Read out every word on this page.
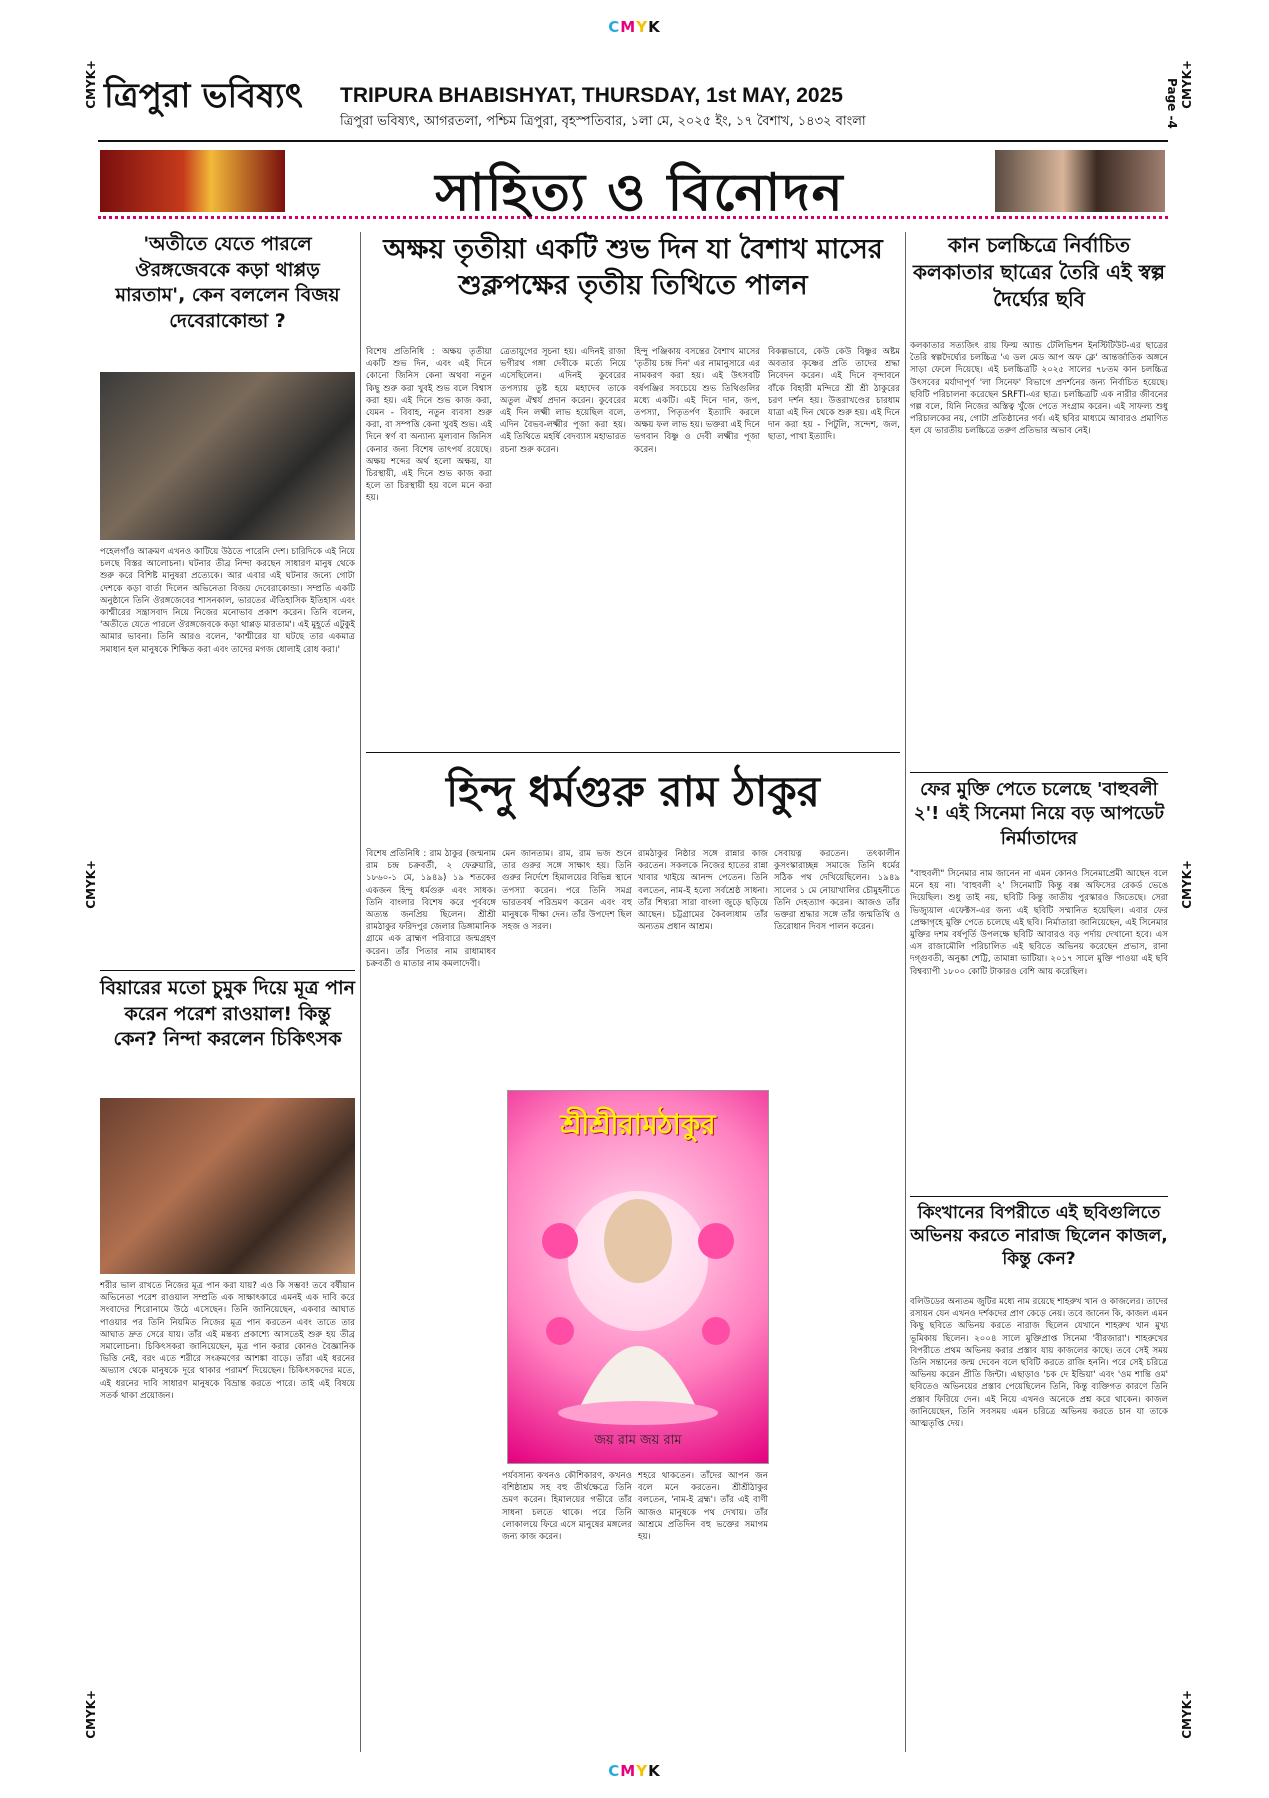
CMYK
CMYK
CMYK+
CMYK+
CMYK+
CMYK+
CMYK+
CMYK+
ত্রিপুরা ভবিষ্যৎ TRIPURA BHABISHYAT, THURSDAY, 1st MAY, 2025
ত্রিপুরা ভবিষ্যৎ, আগরতলা, পশ্চিম ত্রিপুরা, বৃহস্পতিবার, ১লা মে, ২০২৫ ইং, ১৭ বৈশাখ, ১৪৩২ বাংলা	Page -4
সাহিত্য ও বিনোদন
'অতীতে যেতে পারলে ঔরঙ্গজেবকে কড়া থাপ্পড় মারতাম', কেন বললেন বিজয় দেবেরাকোন্ডা ?
পহেলগাঁও আক্রমণ এখনও কাটিয়ে উঠতে পারেনি দেশ। চারিদিকে এই নিয়ে চলছে বিস্তর আলোচনা। ঘটনার তীব্র নিন্দা করছেন সাধারণ মানুষ থেকে শুরু করে বিশিষ্ট মানুষরা প্রত্যেকে। আর এবার এই ঘটনার জন্যে গোটা দেশকে কড়া বার্তা দিলেন অভিনেতা বিজয় দেবেরাকোন্ডা। সম্প্রতি একটি অনুষ্ঠানে তিনি ঔরঙ্গজেবের শাসনকাল, ভারতের ঐতিহাসিক ইতিহাস এবং কাশ্মীরের সন্ত্রাসবাদ নিয়ে নিজের মনোভাব প্রকাশ করেন। তিনি বলেন, 'অতীতে যেতে পারলে ঔরঙ্গজেবকে কড়া থাপ্পড় মারতাম'। এই মুহূর্তে এটুকুই আমার ভাবনা। তিনি আরও বলেন, 'কাশ্মীরের যা ঘটছে তার একমাত্র সমাধান হল মানুষকে শিক্ষিত করা এবং তাদের মগজ ধোলাই রোধ করা।'
বিয়ারের মতো চুমুক দিয়ে মূত্র পান করেন পরেশ রাওয়াল! কিন্তু কেন? নিন্দা করলেন চিকিৎসক
শরীর ভাল রাখতে নিজের মূত্র পান করা যায়? এও কি সম্ভব! তবে বর্ষীয়ান অভিনেতা পরেশ রাওয়াল সম্প্রতি এক সাক্ষাৎকারে এমনই এক দাবি করে সংবাদের শিরোনামে উঠে এসেছেন। তিনি জানিয়েছেন, একবার আঘাত পাওয়ার পর তিনি নিয়মিত নিজের মূত্র পান করতেন এবং তাতে তার আঘাত দ্রুত সেরে যায়। তাঁর এই মন্তব্য প্রকাশ্যে আসতেই শুরু হয় তীব্র সমালোচনা। চিকিৎসকরা জানিয়েছেন, মূত্র পান করার কোনও বৈজ্ঞানিক ভিত্তি নেই, বরং এতে শরীরে সংক্রমণের আশঙ্কা বাড়ে। তাঁরা এই ধরনের অভ্যাস থেকে মানুষকে দূরে থাকার পরামর্শ দিয়েছেন। চিকিৎসকদের মতে, এই ধরনের দাবি সাধারণ মানুষকে বিভ্রান্ত করতে পারে। তাই এই বিষয়ে সতর্ক থাকা প্রয়োজন।
অক্ষয় তৃতীয়া একটি শুভ দিন যা বৈশাখ মাসের শুক্লপক্ষের তৃতীয় তিথিতে পালন
বিশেষ প্রতিনিধি : অক্ষয় তৃতীয়া একটি শুভ দিন, এবং এই দিনে কোনো জিনিস কেনা অথবা নতুন কিছু শুরু করা খুবই শুভ বলে বিশ্বাস করা হয়। এই দিনে শুভ কাজ করা, যেমন - বিবাহ, নতুন ব্যবসা শুরু করা, বা সম্পত্তি কেনা খুবই শুভ। এই দিনে স্বর্ণ বা অন্যান্য মূল্যবান জিনিস কেনার জন্য বিশেষ তাৎপর্য রয়েছে। অক্ষয় শব্দের অর্থ হলো অক্ষয়, যা চিরস্থায়ী, এই দিনে শুভ কাজ করা হলে তা চিরস্থায়ী হয় বলে মনে করা হয়।
ত্রেতাযুগের সূচনা হয়। এদিনই রাজা ভগীরথ গঙ্গা দেবীকে মর্ত্যে নিয়ে এসেছিলেন। এদিনই কুবেরের তপস্যায় তুষ্ট হয়ে মহাদেব তাকে অতুল ঐশ্বর্য প্রদান করেন। কুবেরের এই দিন লক্ষ্মী লাভ হয়েছিল বলে, এদিন বৈভব-লক্ষ্মীর পূজা করা হয়। এই তিথিতে মহর্ষি বেদব্যাস মহাভারত রচনা শুরু করেন।
হিন্দু পঞ্জিকায় বসন্তের বৈশাখ মাসের 'তৃতীয় চন্দ্র দিন' এর নামানুসারে এর নামকরণ করা হয়। এই উৎসবটি বর্ষপঞ্জির সবচেয়ে শুভ তিথিগুলির মধ্যে একটি। এই দিনে দান, জপ, তপস্যা, পিতৃতর্পণ ইত্যাদি করলে অক্ষয় ফল লাভ হয়। ভক্তরা এই দিনে ভগবান বিষ্ণু ও দেবী লক্ষ্মীর পূজা করেন।
বিকল্পভাবে, কেউ কেউ বিষ্ণুর অষ্টম অবতার কৃষ্ণের প্রতি তাদের শ্রদ্ধা নিবেদন করেন। এই দিনে বৃন্দাবনে বাঁকে বিহারী মন্দিরে শ্রী শ্রী ঠাকুরের চরণ দর্শন হয়। উত্তরাখণ্ডের চারধাম যাত্রা এই দিন থেকে শুরু হয়। এই দিনে দান করা হয় - পিটুলি, সন্দেশ, জল, ছাতা, পাখা ইত্যাদি।
হিন্দু ধর্মগুরু রাম ঠাকুর
বিশেষ প্রতিনিধি : রাম ঠাকুর (জন্মনাম রাম চন্দ্র চক্রবর্তী, ২ ফেব্রুয়ারি, ১৮৬০-১ মে, ১৯৪৯) ১৯ শতকের একজন হিন্দু ধর্মগুরু এবং সাধক। তিনি বাংলার বিশেষ করে পূর্ববঙ্গে অত্যন্ত জনপ্রিয় ছিলেন। শ্রীশ্রী রামঠাকুর ফরিদপুর জেলার ডিঙ্গামানিক গ্রামে এক ব্রাহ্মণ পরিবারে জন্মগ্রহণ করেন। তাঁর পিতার নাম রাধামাধব চক্রবর্তী ও মাতার নাম কমলাদেবী।
মেন জানতাম। রাম, রাম ভজ শুনে তার গুরুর সঙ্গে সাক্ষাৎ হয়। তিনি গুরুর নির্দেশে হিমালয়ের বিভিন্ন স্থানে তপস্যা করেন। পরে তিনি সমগ্র ভারতবর্ষ পরিভ্রমণ করেন এবং বহু মানুষকে দীক্ষা দেন। তাঁর উপদেশ ছিল সহজ ও সরল।
রামঠাকুর নিষ্ঠার সঙ্গে রান্নার কাজ করতেন। সকলকে নিজের হাতের রান্না খাবার খাইয়ে আনন্দ পেতেন। তিনি বলতেন, নাম-ই হলো সর্বশ্রেষ্ঠ সাধনা। তাঁর শিষ্যরা সারা বাংলা জুড়ে ছড়িয়ে আছেন। চট্টগ্রামের কৈবল্যধাম তাঁর অন্যতম প্রধান আশ্রম।
সেবায়ত্ন করতেন। তৎকালীন কুসংস্কারাচ্ছন্ন সমাজে তিনি ধর্মের সঠিক পথ দেখিয়েছিলেন। ১৯৪৯ সালের ১ মে নোয়াখালির চৌমুহনীতে তিনি দেহত্যাগ করেন। আজও তাঁর ভক্তরা শ্রদ্ধার সঙ্গে তাঁর জন্মতিথি ও তিরোধান দিবস পালন করেন।
পর্যবসান্য কখনও কৌশিকারণ, কখনও বশিষ্ঠাশ্রম সহ বহু তীর্থক্ষেত্রে তিনি ভ্রমণ করেন। হিমালয়ের গভীরে তাঁর সাধনা চলতে থাকে। পরে তিনি লোকালয়ে ফিরে এসে মানুষের মঙ্গলের জন্য কাজ করেন।
শহরে থাকতেন। তাঁদের আপন জন বলে মনে করতেন। শ্রীশ্রীঠাকুর বলতেন, 'নাম-ই ব্রহ্ম'। তাঁর এই বাণী আজও মানুষকে পথ দেখায়। তাঁর আশ্রমে প্রতিদিন বহু ভক্তের সমাগম হয়।
শ্রীশ্রীরামঠাকুর
জয় রাম জয় রাম
কান চলচ্চিত্রে নির্বাচিত কলকাতার ছাত্রের তৈরি এই স্বল্প দৈর্ঘ্যের ছবি
কলকাতার সত্যজিৎ রায় ফিল্ম অ্যান্ড টেলিভিশন ইনস্টিটিউট-এর ছাত্রের তৈরি স্বল্পদৈর্ঘ্যের চলচ্চিত্র 'এ ডল মেড আপ অফ ক্লে' আন্তর্জাতিক অঙ্গনে সাড়া ফেলে দিয়েছে। এই চলচ্চিত্রটি ২০২৫ সালের ৭৮তম কান চলচ্চিত্র উৎসবের মর্যাদাপূর্ণ 'লা সিনেফ' বিভাগে প্রদর্শনের জন্য নির্বাচিত হয়েছে। ছবিটি পরিচালনা করেছেন SRFTI-এর ছাত্র। চলচ্চিত্রটি এক নারীর জীবনের গল্প বলে, যিনি নিজের অস্তিত্ব খুঁজে পেতে সংগ্রাম করেন। এই সাফল্য শুধু পরিচালকের নয়, গোটা প্রতিষ্ঠানের গর্ব। এই ছবির মাধ্যমে আবারও প্রমাণিত হল যে ভারতীয় চলচ্চিত্রে তরুণ প্রতিভার অভাব নেই।
ফের মুক্তি পেতে চলেছে 'বাহুবলী ২'! এই সিনেমা নিয়ে বড় আপডেট নির্মাতাদের
"বাহুবলী" সিনেমার নাম জানেন না এমন কোনও সিনেমাপ্রেমী আছেন বলে মনে হয় না। 'বাহুবলী ২' সিনেমাটি কিন্তু বক্স অফিসের রেকর্ড ভেঙে দিয়েছিল। শুধু তাই নয়, ছবিটি কিন্তু জাতীয় পুরস্কারও জিতেছে। সেরা ভিজ্যুয়াল এফেক্টস-এর জন্য এই ছবিটি সম্মানিত হয়েছিল। এবার ফের প্রেক্ষাগৃহে মুক্তি পেতে চলেছে এই ছবি। নির্মাতারা জানিয়েছেন, এই সিনেমার মুক্তির দশম বর্ষপূর্তি উপলক্ষে ছবিটি আবারও বড় পর্দায় দেখানো হবে। এস এস রাজামৌলি পরিচালিত এই ছবিতে অভিনয় করেছেন প্রভাস, রানা দগ্গুবতী, অনুষ্কা শেট্টি, তামান্না ভাটিয়া। ২০১৭ সালে মুক্তি পাওয়া এই ছবি বিশ্বব্যাপী ১৮০০ কোটি টাকারও বেশি আয় করেছিল।
কিংখানের বিপরীতে এই ছবিগুলিতে অভিনয় করতে নারাজ ছিলেন কাজল, কিন্তু কেন?
বলিউডের অন্যতম জুটির মধ্যে নাম রয়েছে শাহরুখ খান ও কাজলের। তাদের রসায়ন যেন এখনও দর্শকদের প্রাণ কেড়ে নেয়। তবে জানেন কি, কাজল এমন কিছু ছবিতে অভিনয় করতে নারাজ ছিলেন যেখানে শাহরুখ খান মুখ্য ভূমিকায় ছিলেন। ২০০৪ সালে মুক্তিপ্রাপ্ত সিনেমা 'বীরজারা'। শাহরুখের বিপরীতে প্রথম অভিনয় করার প্রস্তাব যায় কাজলের কাছে। তবে সেই সময় তিনি সন্তানের জন্ম দেবেন বলে ছবিটি করতে রাজি হননি। পরে সেই চরিত্রে অভিনয় করেন প্রীতি জিন্টা। এছাড়াও 'চক দে ইন্ডিয়া' এবং 'ওম শান্তি ওম' ছবিতেও অভিনয়ের প্রস্তাব পেয়েছিলেন তিনি, কিন্তু ব্যক্তিগত কারণে তিনি প্রস্তাব ফিরিয়ে দেন। এই নিয়ে এখনও অনেকে প্রশ্ন করে থাকেন। কাজল জানিয়েছেন, তিনি সবসময় এমন চরিত্রে অভিনয় করতে চান যা তাকে আত্মতৃপ্তি দেয়।
